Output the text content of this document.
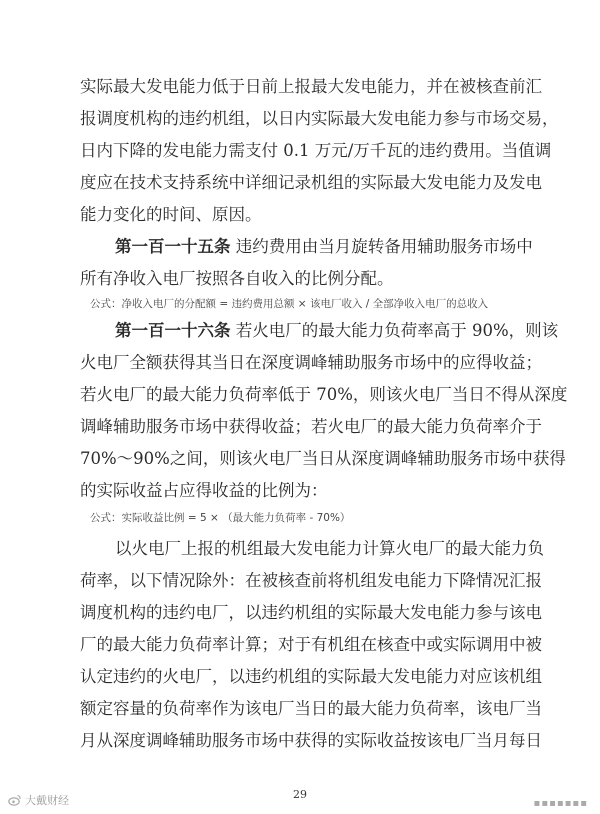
实际最大发电能力低于日前上报最大发电能力，并在被核查前汇
报调度机构的违约机组，以日内实际最大发电能力参与市场交易，
日内下降的发电能力需支付 0.1 万元/万千瓦的违约费用。当值调
度应在技术支持系统中详细记录机组的实际最大发电能力及发电
能力变化的时间、原因。
第一百一十五条 违约费用由当月旋转备用辅助服务市场中
所有净收入电厂按照各自收入的比例分配。
公式：净收入电厂的分配额 = 违约费用总额 × 该电厂收入 / 全部净收入电厂的总收入
第一百一十六条 若火电厂的最大能力负荷率高于 90%，则该
火电厂全额获得其当日在深度调峰辅助服务市场中的应得收益；
若火电厂的最大能力负荷率低于 70%，则该火电厂当日不得从深度
调峰辅助服务市场中获得收益；若火电厂的最大能力负荷率介于
70%～90%之间，则该火电厂当日从深度调峰辅助服务市场中获得
的实际收益占应得收益的比例为：
公式：实际收益比例 = 5 × （最大能力负荷率 - 70%）
以火电厂上报的机组最大发电能力计算火电厂的最大能力负
荷率，以下情况除外：在被核查前将机组发电能力下降情况汇报
调度机构的违约电厂，以违约机组的实际最大发电能力参与该电
厂的最大能力负荷率计算；对于有机组在核查中或实际调用中被
认定违约的火电厂，以违约机组的实际最大发电能力对应该机组
额定容量的负荷率作为该电厂当日的最大能力负荷率，该电厂当
月从深度调峰辅助服务市场中获得的实际收益按该电厂当月每日
29
大戴财经	▪▪▪▪▪▪▪
